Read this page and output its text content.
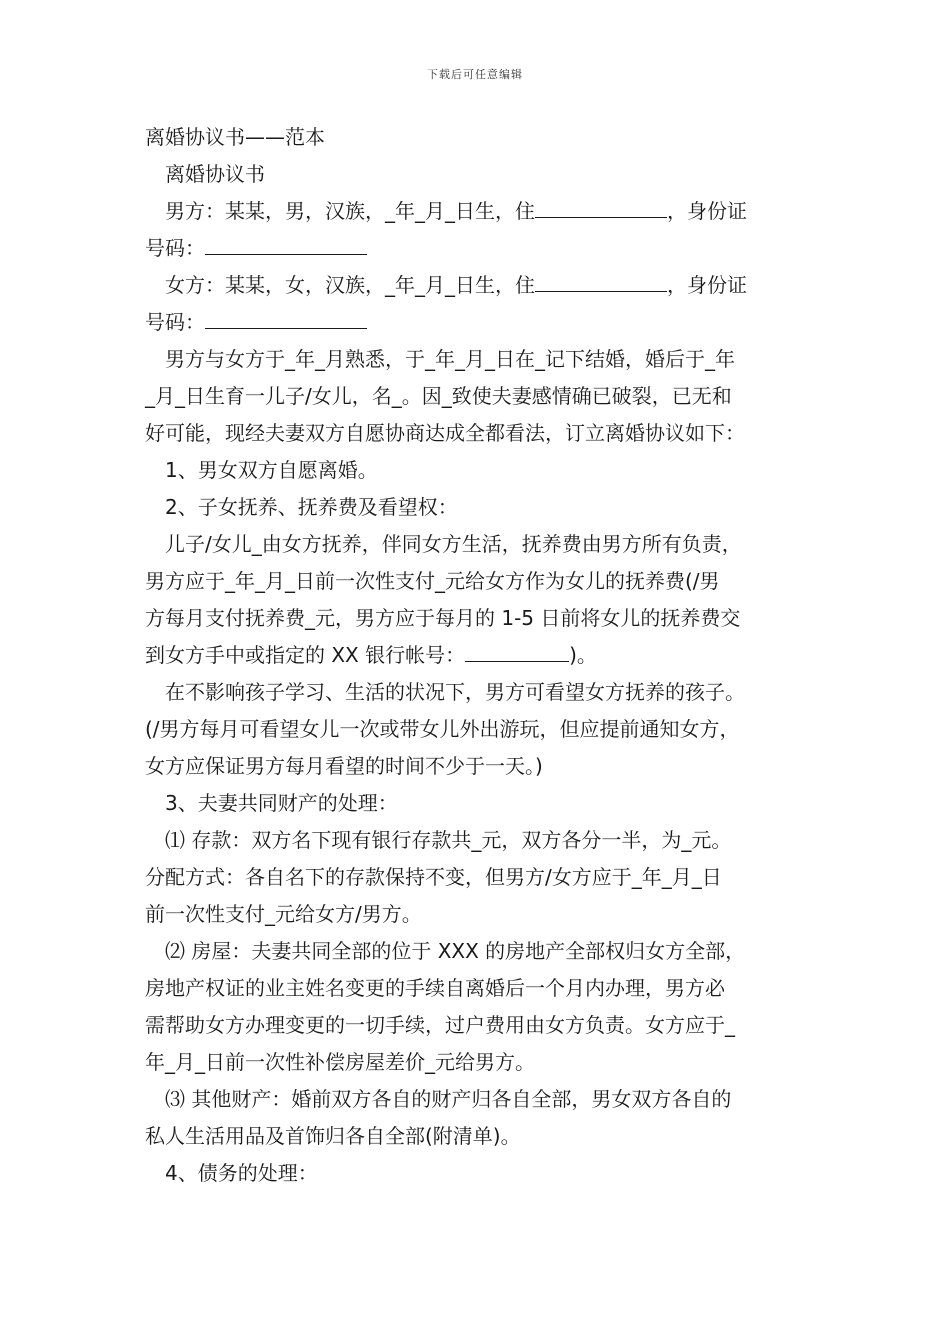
下载后可任意编辑
离婚协议书——范本
离婚协议书
男方：某某，男，汉族，_年_月_日生，住	，身份证
号码：
女方：某某，女，汉族，_年_月_日生，住	，身份证
号码：
男方与女方于_年_月熟悉，于_年_月_日在_记下结婚，婚后于_年
_月_日生育一儿子/女儿，名_。因_致使夫妻感情确已破裂，已无和
好可能，现经夫妻双方自愿协商达成全都看法，订立离婚协议如下：
1、男女双方自愿离婚。
2、子女抚养、抚养费及看望权：
儿子/女儿_由女方抚养，伴同女方生活，抚养费由男方所有负责，
男方应于_年_月_日前一次性支付_元给女方作为女儿的抚养费(/男
方每月支付抚养费_元，男方应于每月的 1-5 日前将女儿的抚养费交
到女方手中或指定的 XX 银行帐号：	)。
在不影响孩子学习、生活的状况下，男方可看望女方抚养的孩子。
(/男方每月可看望女儿一次或带女儿外出游玩，但应提前通知女方，
女方应保证男方每月看望的时间不少于一天。)
3、夫妻共同财产的处理：
⑴ 存款：双方名下现有银行存款共_元，双方各分一半，为_元。
分配方式：各自名下的存款保持不变，但男方/女方应于_年_月_日
前一次性支付_元给女方/男方。
⑵ 房屋：夫妻共同全部的位于 XXX 的房地产全部权归女方全部，
房地产权证的业主姓名变更的手续自离婚后一个月内办理，男方必
需帮助女方办理变更的一切手续，过户费用由女方负责。女方应于_
年_月_日前一次性补偿房屋差价_元给男方。
⑶ 其他财产：婚前双方各自的财产归各自全部，男女双方各自的
私人生活用品及首饰归各自全部(附清单)。
4、债务的处理：
